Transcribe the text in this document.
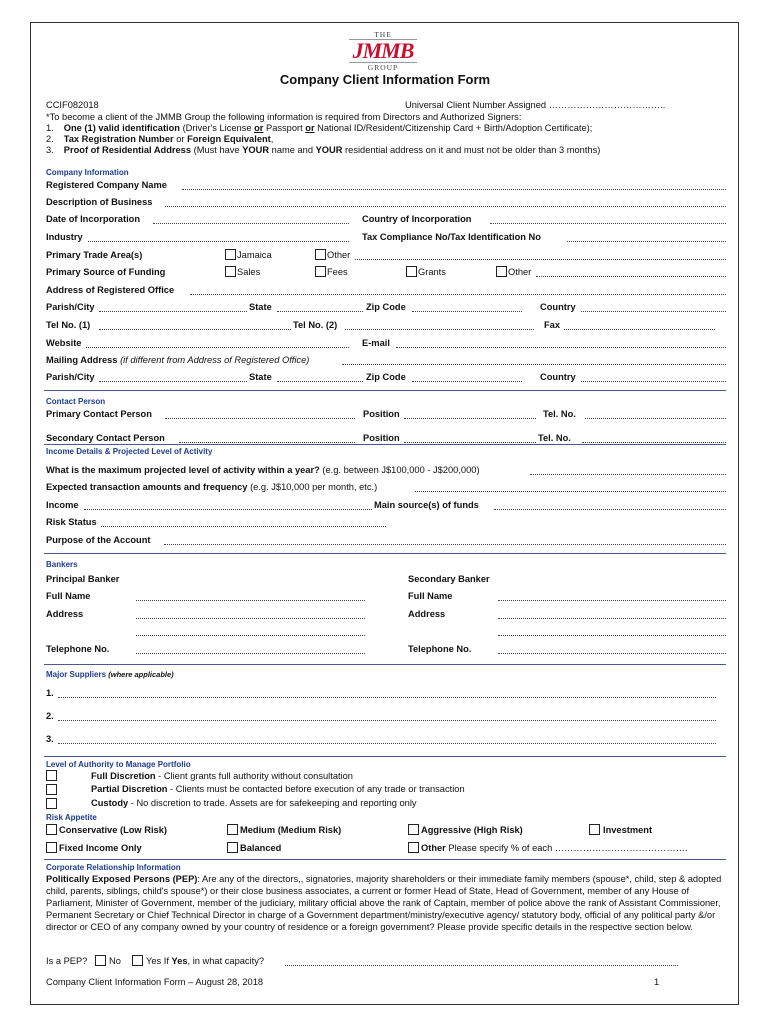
THE
JMMB
GROUP
Company Client Information Form
CCIF082018	Universal Client Number Assigned ………………………………..
*To become a client of the JMMB Group the following information is required from Directors and Authorized Signers:
1. One (1) valid identification (Driver's License or Passport or National ID/Resident/Citizenship Card + Birth/Adoption Certificate);
2. Tax Registration Number or Foreign Equivalent,
3. Proof of Residential Address (Must have YOUR name and YOUR residential address on it and must not be older than 3 months)
Company Information
Registered Company Name
Description of Business
Date of Incorporation	Country of Incorporation
Industry	Tax Compliance No/Tax Identification No
Primary Trade Area(s)	Jamaica	Other
Primary Source of Funding	Sales	Fees	Grants	Other
Address of Registered Office
Parish/City	State	Zip Code	Country
Tel No. (1)	Tel No. (2)	Fax
Website	E-mail
Mailing Address (if different from Address of Registered Office)
Parish/City	State	Zip Code	Country
Contact Person
Primary Contact Person	Position	Tel. No.
Secondary Contact Person	Position	Tel. No.
Income Details & Projected Level of Activity
What is the maximum projected level of activity within a year? (e.g. between J$100,000 - J$200,000)
Expected transaction amounts and frequency (e.g. J$10,000 per month, etc.)
Income	Main source(s) of funds
Risk Status
Purpose of the Account
Bankers
Principal Banker	Secondary Banker
Full Name	Full Name
Address	Address
Telephone No.	Telephone No.
Major Suppliers (where applicable)
1.
2.
3.
Level of Authority to Manage Portfolio
Full Discretion - Client grants full authority without consultation
Partial Discretion - Clients must be contacted before execution of any trade or transaction
Custody - No discretion to trade. Assets are for safekeeping and reporting only
Risk Appetite
Conservative (Low Risk)	Medium (Medium Risk)	Aggressive (High Risk)	Investment
Fixed Income Only	Balanced	Other Please specify % of each …………………………………….
Corporate Relationship Information
Politically Exposed Persons (PEP): Are any of the directors,, signatories, majority shareholders or their immediate family members (spouse*, child, step & adopted child, parents, siblings, child's spouse*) or their close business associates, a current or former Head of State, Head of Government, member of any House of Parliament, Minister of Government, member of the judiciary, military official above the rank of Captain, member of police above the rank of Assistant Commissioner, Permanent Secretary or Chief Technical Director in charge of a Government department/ministry/executive agency/ statutory body, official of any political party &/or director or CEO of any company owned by your country of residence or a foreign government? Please provide specific details in the respective section below.
Is a PEP? No	Yes If Yes, in what capacity?
Company Client Information Form – August 28, 2018	1
